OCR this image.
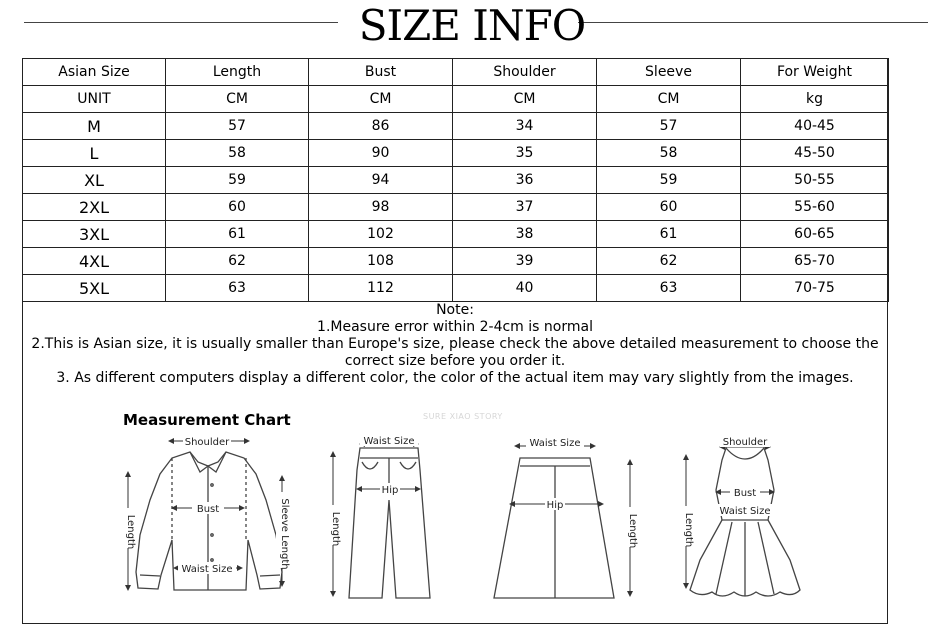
SIZE INFO
Asian Size	Length	Bust	Shoulder	Sleeve	For Weight
UNIT	CM	CM	CM	CM	kg
M	57	86	34	57	40-45
L	58	90	35	58	45-50
XL	59	94	36	59	50-55
2XL	60	98	37	60	55-60
3XL	61	102	38	61	60-65
4XL	62	108	39	62	65-70
5XL	63	112	40	63	70-75
Note:
1.Measure error within 2-4cm is normal
2.This is Asian size, it is usually smaller than Europe's size, please check the above detailed measurement to choose the correct size before you order it.
3. As different computers display a different color, the color of the actual item may vary slightly from the images.
Measurement Chart	SURE XIAO STORY
Shoulder
Bust
Waist Size
Length	Sleeve Length
Waist Size
Hip
Length
Waist Size
Hip
Length
Shoulder
Bust
Waist Size
Length
